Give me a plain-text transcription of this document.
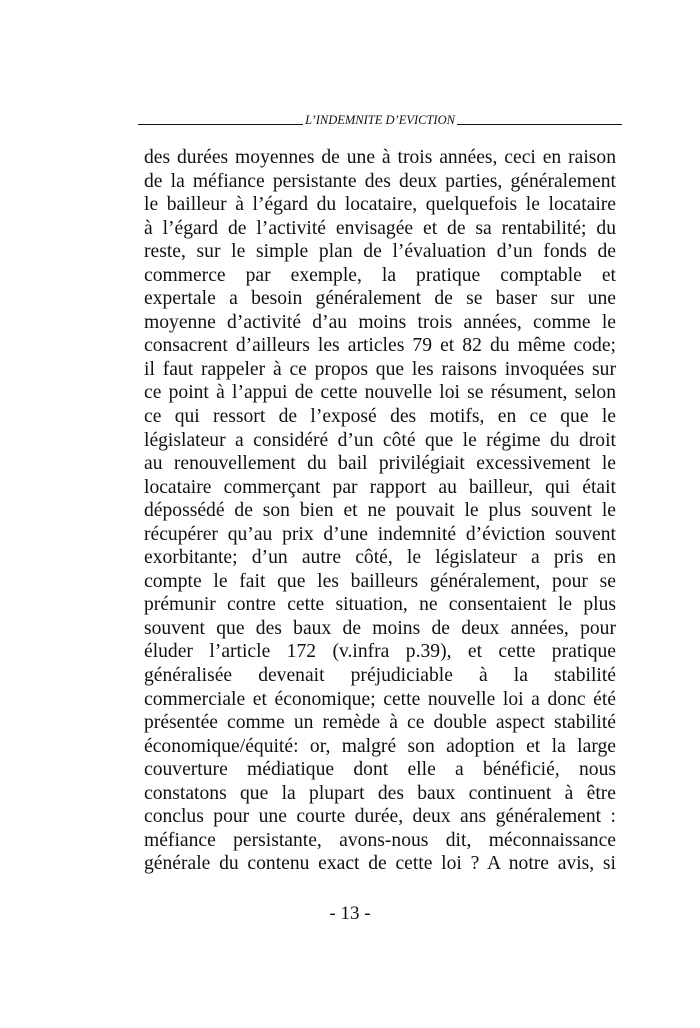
L’INDEMNITE D’EVICTION
des durées moyennes de une à trois années, ceci en raison
de la méfiance persistante des deux parties, généralement
le bailleur à l’égard du locataire, quelquefois le locataire
à l’égard de l’activité envisagée et de sa rentabilité; du
reste, sur le simple plan de l’évaluation d’un fonds de
commerce par exemple, la pratique comptable et
expertale a besoin généralement de se baser sur une
moyenne d’activité d’au moins trois années, comme le
consacrent d’ailleurs les articles 79 et 82 du même code;
il faut rappeler à ce propos que les raisons invoquées sur
ce point à l’appui de cette nouvelle loi se résument, selon
ce qui ressort de l’exposé des motifs, en ce que le
législateur a considéré d’un côté que le régime du droit
au renouvellement du bail privilégiait excessivement le
locataire commerçant par rapport au bailleur, qui était
dépossédé de son bien et ne pouvait le plus souvent le
récupérer qu’au prix d’une indemnité d’éviction souvent
exorbitante; d’un autre côté, le législateur a pris en
compte le fait que les bailleurs généralement, pour se
prémunir contre cette situation, ne consentaient le plus
souvent que des baux de moins de deux années, pour
éluder l’article 172 (v.infra p.39), et cette pratique
généralisée devenait préjudiciable à la stabilité
commerciale et économique; cette nouvelle loi a donc été
présentée comme un remède à ce double aspect stabilité
économique/équité: or, malgré son adoption et la large
couverture médiatique dont elle a bénéficié, nous
constatons que la plupart des baux continuent à être
conclus pour une courte durée, deux ans généralement :
méfiance persistante, avons-nous dit, méconnaissance
générale du contenu exact de cette loi ? A notre avis, si
- 13 -
